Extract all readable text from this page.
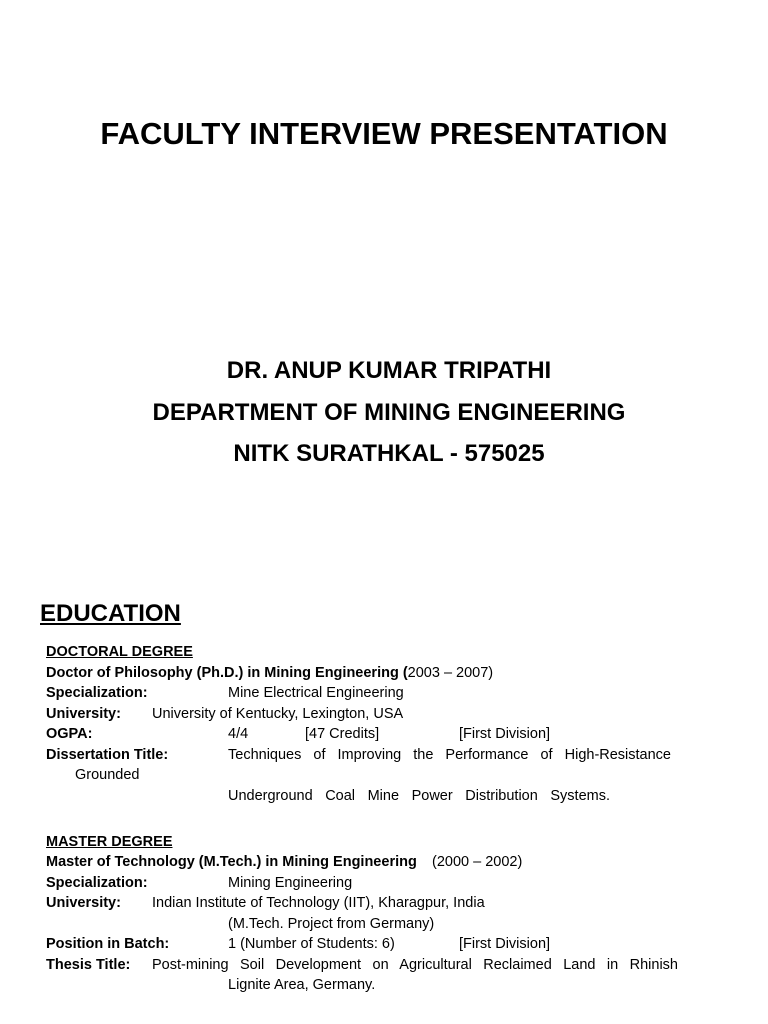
FACULTY INTERVIEW PRESENTATION
DR. ANUP KUMAR TRIPATHI
DEPARTMENT OF MINING ENGINEERING
NITK SURATHKAL - 575025
EDUCATION
DOCTORAL DEGREE
Doctor of Philosophy (Ph.D.) in Mining Engineering (2003 – 2007)
Specialization:	Mine Electrical Engineering
University: University of Kentucky, Lexington, USA
OGPA:	4/4	[47 Credits]	[First Division]
Dissertation Title:	Techniques of Improving the Performance of High-Resistance
Grounded
Underground Coal Mine Power Distribution Systems.
MASTER DEGREE
Master of Technology (M.Tech.) in Mining Engineering (2000 – 2002)
Specialization:	Mining Engineering
University: Indian Institute of Technology (IIT), Kharagpur, India
(M.Tech. Project from Germany)
Position in Batch:	1 (Number of Students: 6)	[First Division]
Thesis Title: Post-mining Soil Development on Agricultural Reclaimed Land in Rhinish
Lignite Area, Germany.
